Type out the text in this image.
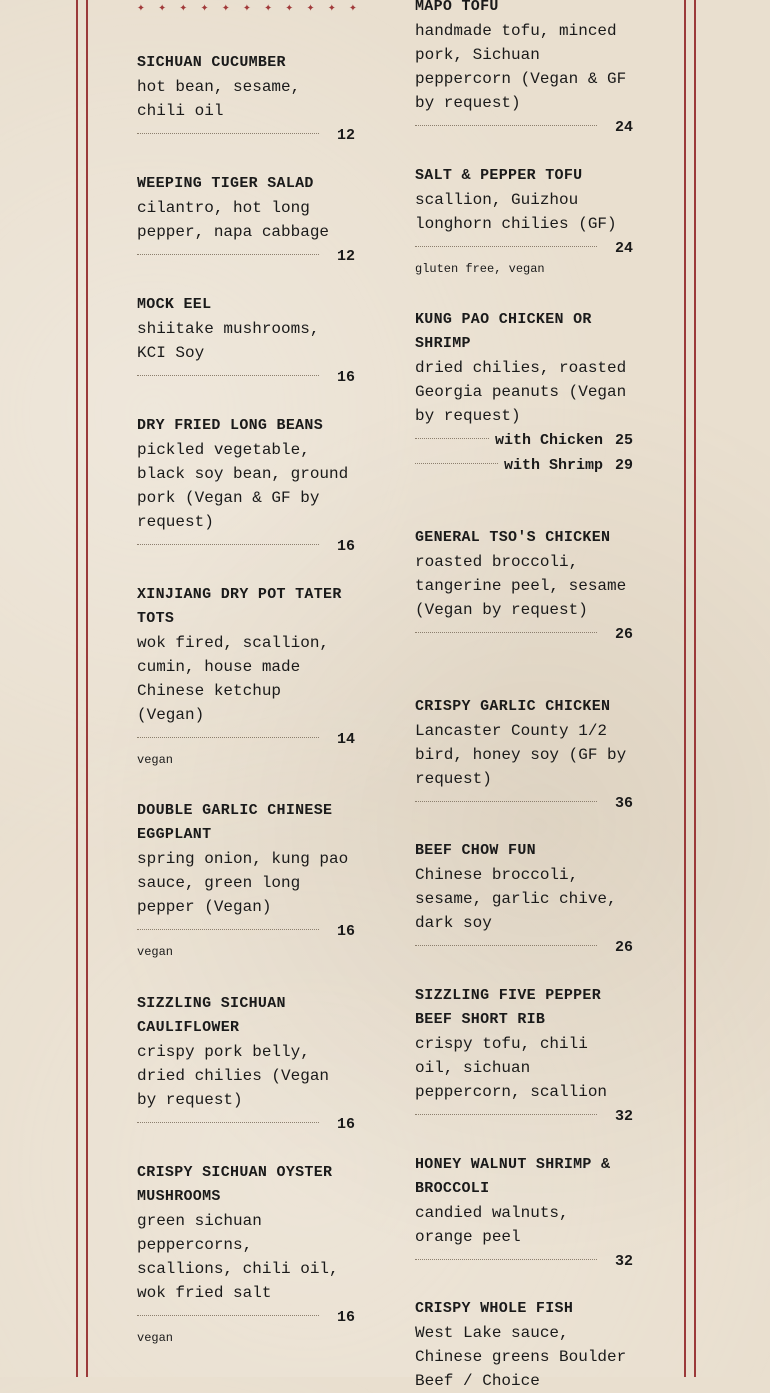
✦ ✦ ✦ ✦ ✦ ✦ ✦ ✦ ✦ ✦ ✦
SICHUAN CUCUMBER
hot bean, sesame, chili oil
12
WEEPING TIGER SALAD
cilantro, hot long pepper, napa cabbage
12
MOCK EEL
shiitake mushrooms, KCI Soy
16
DRY FRIED LONG BEANS
pickled vegetable, black soy bean, ground pork (Vegan & GF by request)
16
XINJIANG DRY POT TATER TOTS
wok fired, scallion, cumin, house made Chinese ketchup (Vegan)
14
vegan
DOUBLE GARLIC CHINESE EGGPLANT
spring onion, kung pao sauce, green long pepper (Vegan)
16
vegan
SIZZLING SICHUAN CAULIFLOWER
crispy pork belly, dried chilies (Vegan by request)
16
CRISPY SICHUAN OYSTER MUSHROOMS
green sichuan peppercorns, scallions, chili oil, wok fried salt
16
vegan
MAPO TOFU
handmade tofu, minced pork, Sichuan peppercorn (Vegan & GF by request)
24
SALT & PEPPER TOFU
scallion, Guizhou longhorn chilies (GF)
24
gluten free, vegan
KUNG PAO CHICKEN OR SHRIMP
dried chilies, roasted Georgia peanuts (Vegan by request)
with Chicken 25
with Shrimp 29
GENERAL TSO'S CHICKEN
roasted broccoli, tangerine peel, sesame (Vegan by request)
26
CRISPY GARLIC CHICKEN
Lancaster County 1/2 bird, honey soy (GF by request)
36
BEEF CHOW FUN
Chinese broccoli, sesame, garlic chive, dark soy
26
SIZZLING FIVE PEPPER BEEF SHORT RIB
crispy tofu, chili oil, sichuan peppercorn, scallion
32
HONEY WALNUT SHRIMP & BROCCOLI
candied walnuts, orange peel
32
CRISPY WHOLE FISH
West Lake sauce, Chinese greens Boulder Beef / Choice
